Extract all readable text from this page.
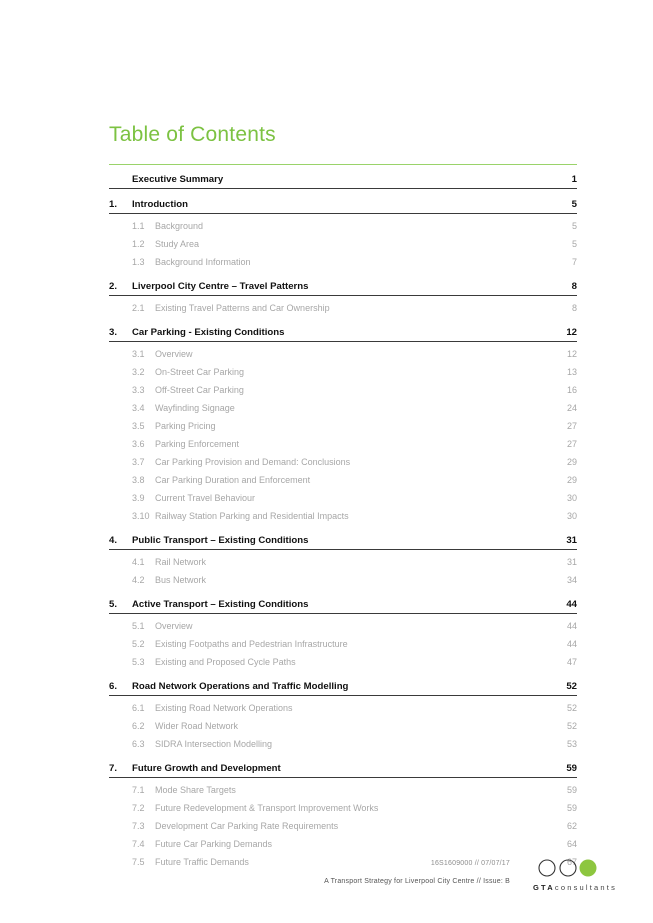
Table of Contents
Executive Summary	1
1.	Introduction	5
1.1	Background	5
1.2	Study Area	5
1.3	Background Information	7
2.	Liverpool City Centre – Travel Patterns	8
2.1	Existing Travel Patterns and Car Ownership	8
3.	Car Parking - Existing Conditions	12
3.1	Overview	12
3.2	On-Street Car Parking	13
3.3	Off-Street Car Parking	16
3.4	Wayfinding Signage	24
3.5	Parking Pricing	27
3.6	Parking Enforcement	27
3.7	Car Parking Provision and Demand: Conclusions	29
3.8	Car Parking Duration and Enforcement	29
3.9	Current Travel Behaviour	30
3.10 Railway Station Parking and Residential Impacts	30
4.	Public Transport – Existing Conditions	31
4.1	Rail Network	31
4.2	Bus Network	34
5.	Active Transport – Existing Conditions	44
5.1	Overview	44
5.2	Existing Footpaths and Pedestrian Infrastructure	44
5.3	Existing and Proposed Cycle Paths	47
6.	Road Network Operations and Traffic Modelling	52
6.1	Existing Road Network Operations	52
6.2	Wider Road Network	52
6.3	SIDRA Intersection Modelling	53
7.	Future Growth and Development	59
7.1	Mode Share Targets	59
7.2	Future Redevelopment & Transport Improvement Works	59
7.3	Development Car Parking Rate Requirements	62
7.4	Future Car Parking Demands	64
7.5	Future Traffic Demands	67
16S1609000 // 07/07/17
A Transport Strategy for Liverpool City Centre // Issue: B
GTAconsultants
